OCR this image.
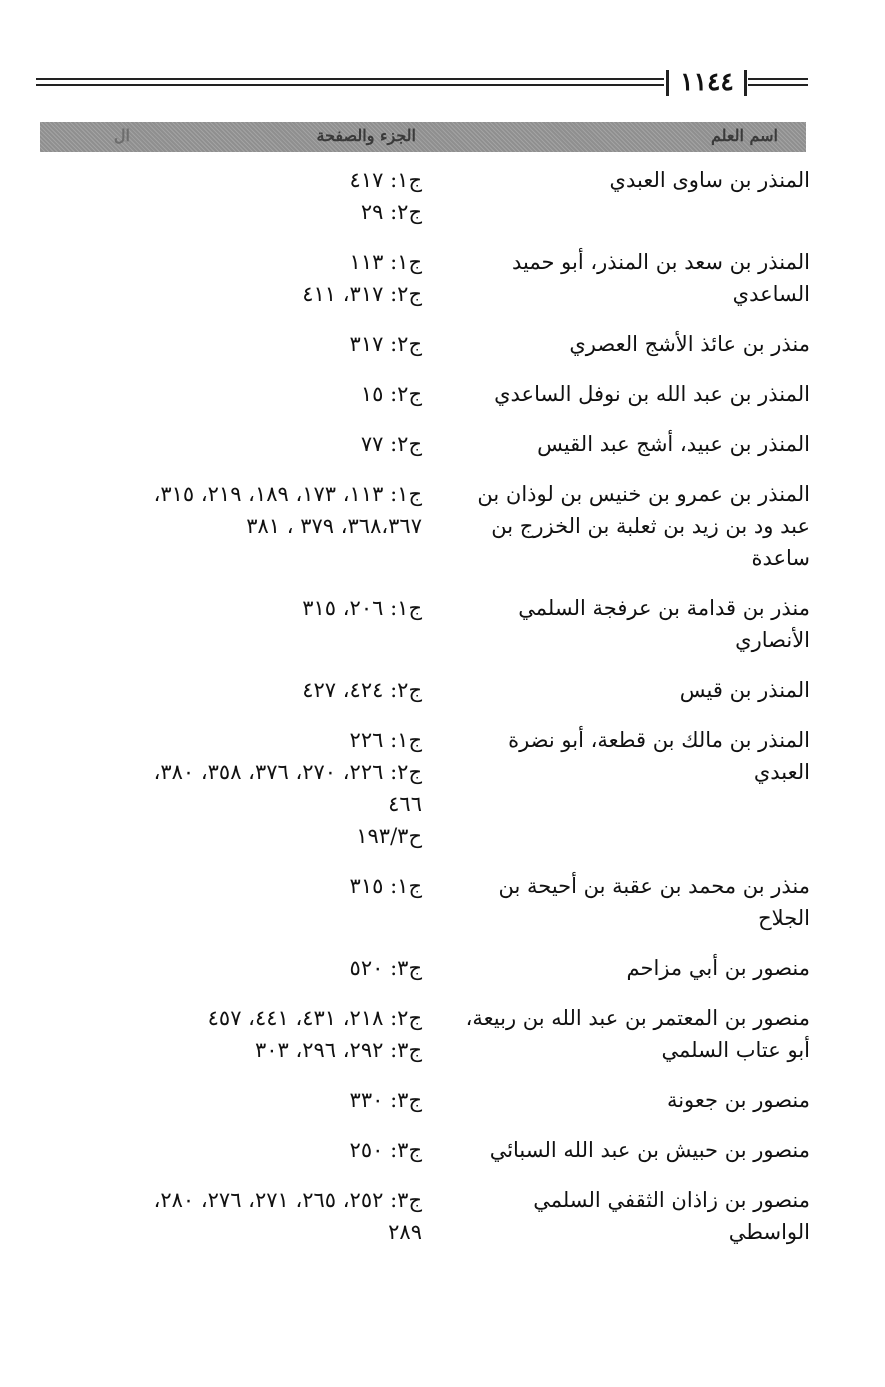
١١٤٤
اسم العلم
الجزء والصفحة
ال
المنذر بن ساوى العبدي
ج١: ٤١٧
ج٢: ٢٩
المنذر بن سعد بن المنذر، أبو حميد الساعدي
ج١: ١١٣
ج٢: ٣١٧، ٤١١
منذر بن عائذ الأشج العصري
ج٢: ٣١٧
المنذر بن عبد الله بن نوفل الساعدي
ج٢: ١٥
المنذر بن عبيد، أشج عبد القيس
ج٢: ٧٧
المنذر بن عمرو بن خنيس بن لوذان بن عبد ود بن زيد بن ثعلبة بن الخزرج بن ساعدة
ج١: ١١٣، ١٧٣، ١٨٩، ٢١٩، ٣١٥،
٣٦٨،٣٦٧، ٣٧٩ ، ٣٨١
منذر بن قدامة بن عرفجة السلمي الأنصاري
ج١: ٢٠٦، ٣١٥
المنذر بن قيس
ج٢: ٤٢٤، ٤٢٧
المنذر بن مالك بن قطعة، أبو نضرة العبدي
ج١: ٢٢٦
ج٢: ٢٢٦، ٢٧٠، ٣٧٦، ٣٥٨، ٣٨٠،
٤٦٦
ح١٩٣/٣
منذر بن محمد بن عقبة بن أحيحة بن الجلاح
ج١: ٣١٥
منصور بن أبي مزاحم
ج٣: ٥٢٠
منصور بن المعتمر بن عبد الله بن ربيعة، أبو عتاب السلمي
ج٢: ٢١٨، ٤٣١، ٤٤١، ٤٥٧
ج٣: ٢٩٢، ٢٩٦، ٣٠٣
منصور بن جعونة
ج٣: ٣٣٠
منصور بن حبيش بن عبد الله السبائي
ج٣: ٢٥٠
منصور بن زاذان الثقفي السلمي الواسطي
ج٣: ٢٥٢، ٢٦٥، ٢٧١، ٢٧٦، ٢٨٠،
٢٨٩
